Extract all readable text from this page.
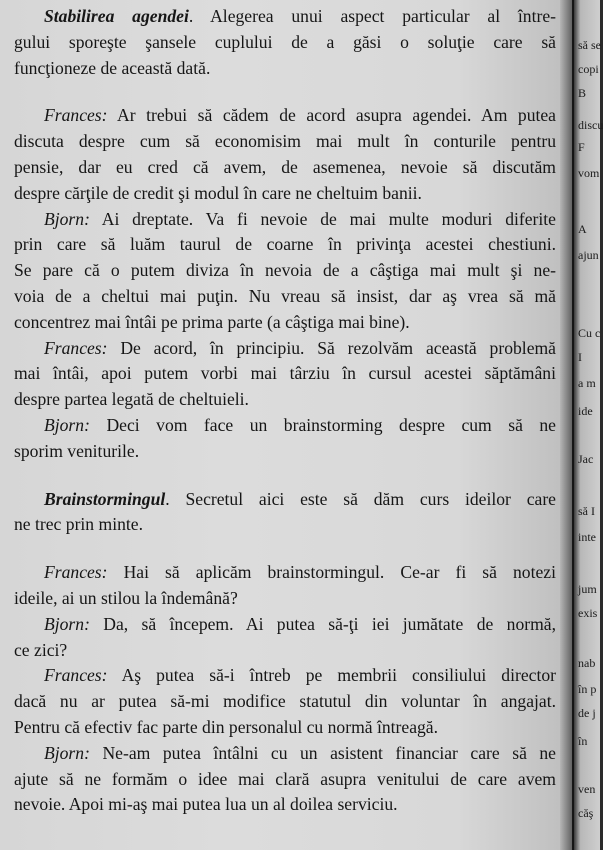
Stabilirea agendei. Alegerea unui aspect particular al între-
gului sporeşte şansele cuplului de a găsi o soluţie care să
funcţioneze de această dată.
Frances: Ar trebui să cădem de acord asupra agendei. Am putea
discuta despre cum să economisim mai mult în conturile pentru
pensie, dar eu cred că avem, de asemenea, nevoie să discutăm
despre cărţile de credit şi modul în care ne cheltuim banii.
Bjorn: Ai dreptate. Va fi nevoie de mai multe moduri diferite
prin care să luăm taurul de coarne în privinţa acestei chestiuni.
Se pare că o putem diviza în nevoia de a câştiga mai mult şi ne-
voia de a cheltui mai puţin. Nu vreau să insist, dar aş vrea să mă
concentrez mai întâi pe prima parte (a câştiga mai bine).
Frances: De acord, în principiu. Să rezolvăm această problemă
mai întâi, apoi putem vorbi mai târziu în cursul acestei săptămâni
despre partea legată de cheltuieli.
Bjorn: Deci vom face un brainstorming despre cum să ne
sporim veniturile.
Brainstormingul. Secretul aici este să dăm curs ideilor care
ne trec prin minte.
Frances: Hai să aplicăm brainstormingul. Ce-ar fi să notezi
ideile, ai un stilou la îndemână?
Bjorn: Da, să începem. Ai putea să-ţi iei jumătate de normă,
ce zici?
Frances: Aş putea să-i întreb pe membrii consiliului director
dacă nu ar putea să-mi modifice statutul din voluntar în angajat.
Pentru că efectiv fac parte din personalul cu normă întreagă.
Bjorn: Ne-am putea întâlni cu un asistent financiar care să ne
ajute să ne formăm o idee mai clară asupra venitului de care avem
nevoie. Apoi mi-aş mai putea lua un al doilea serviciu.
să se
copi
B
discu
F
vom
A
ajun
Cu c
I
a m
ide
Jac
să I
inte
jum
exis
nab
în p
de j
în
ven
căş
